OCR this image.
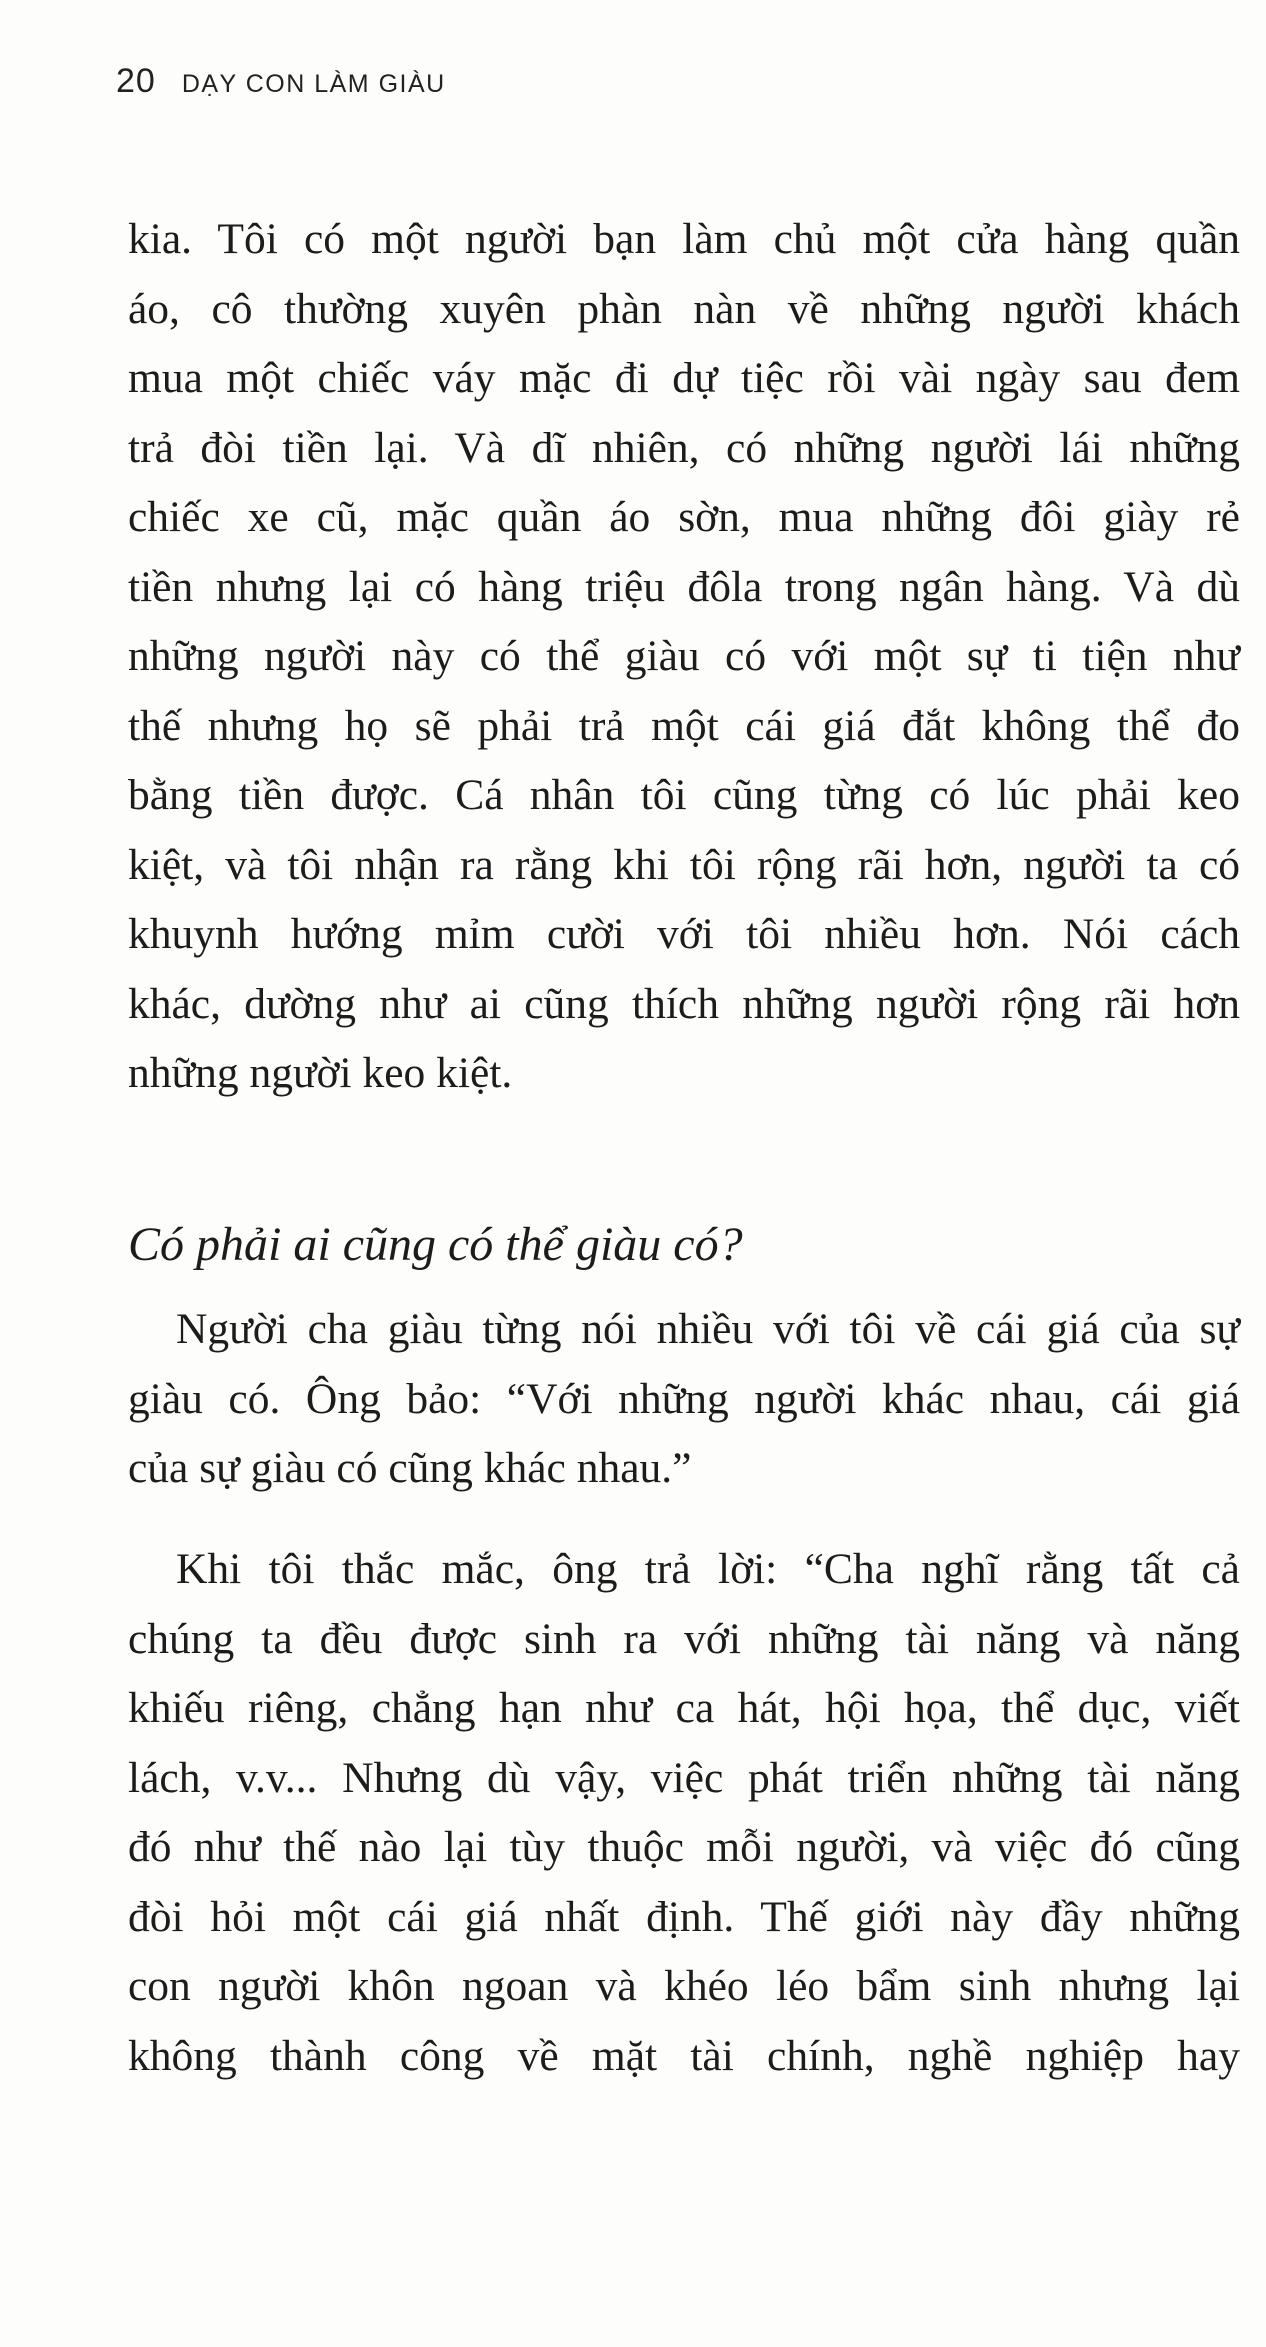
20 DẠY CON LÀM GIÀU
kia. Tôi có một người bạn làm chủ một cửa hàng quần
áo, cô thường xuyên phàn nàn về những người khách
mua một chiếc váy mặc đi dự tiệc rồi vài ngày sau đem
trả đòi tiền lại. Và dĩ nhiên, có những người lái những
chiếc xe cũ, mặc quần áo sờn, mua những đôi giày rẻ
tiền nhưng lại có hàng triệu đôla trong ngân hàng. Và dù
những người này có thể giàu có với một sự ti tiện như
thế nhưng họ sẽ phải trả một cái giá đắt không thể đo
bằng tiền được. Cá nhân tôi cũng từng có lúc phải keo
kiệt, và tôi nhận ra rằng khi tôi rộng rãi hơn, người ta có
khuynh hướng mỉm cười với tôi nhiều hơn. Nói cách
khác, dường như ai cũng thích những người rộng rãi hơn
những người keo kiệt.
Có phải ai cũng có thể giàu có?
Người cha giàu từng nói nhiều với tôi về cái giá của sự
giàu có. Ông bảo: “Với những người khác nhau, cái giá
của sự giàu có cũng khác nhau.”
Khi tôi thắc mắc, ông trả lời: “Cha nghĩ rằng tất cả
chúng ta đều được sinh ra với những tài năng và năng
khiếu riêng, chẳng hạn như ca hát, hội họa, thể dục, viết
lách, v.v... Nhưng dù vậy, việc phát triển những tài năng
đó như thế nào lại tùy thuộc mỗi người, và việc đó cũng
đòi hỏi một cái giá nhất định. Thế giới này đầy những
con người khôn ngoan và khéo léo bẩm sinh nhưng lại
không thành công về mặt tài chính, nghề nghiệp hay
